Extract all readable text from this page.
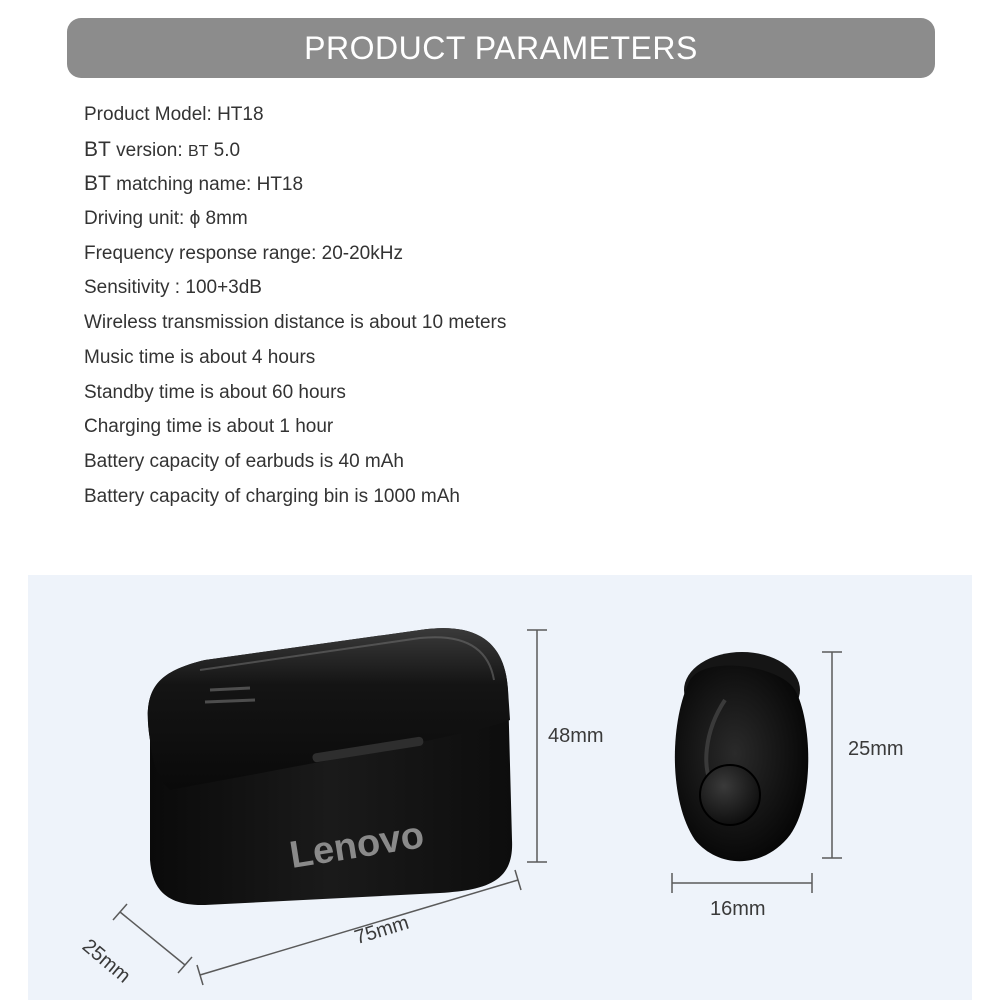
PRODUCT PARAMETERS
Product Model: HT18
BT version: BT 5.0
BT matching name: HT18
Driving unit: ϕ 8mm
Frequency response range: 20-20kHz
Sensitivity : 100+3dB
Wireless transmission distance is about 10 meters
Music time is about 4 hours
Standby time is about 60 hours
Charging time is about 1 hour
Battery capacity of earbuds is 40 mAh
Battery capacity of charging bin is 1000 mAh
Lenovo
48mm
25mm
16mm
75mm
25mm
